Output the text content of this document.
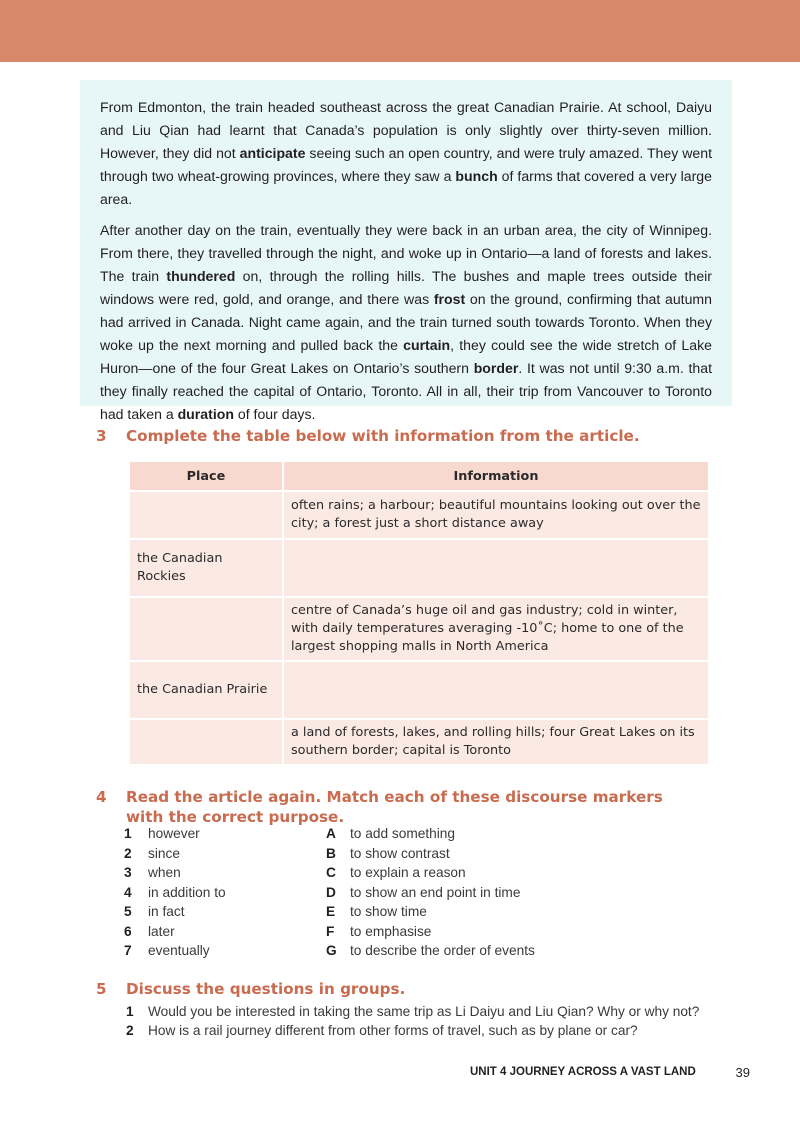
From Edmonton, the train headed southeast across the great Canadian Prairie. At school, Daiyu and Liu Qian had learnt that Canada’s population is only slightly over thirty-seven million. However, they did not anticipate seeing such an open country, and were truly amazed. They went through two wheat-growing provinces, where they saw a bunch of farms that covered a very large area.

After another day on the train, eventually they were back in an urban area, the city of Winnipeg. From there, they travelled through the night, and woke up in Ontario—a land of forests and lakes. The train thundered on, through the rolling hills. The bushes and maple trees outside their windows were red, gold, and orange, and there was frost on the ground, confirming that autumn had arrived in Canada. Night came again, and the train turned south towards Toronto. When they woke up the next morning and pulled back the curtain, they could see the wide stretch of Lake Huron—one of the four Great Lakes on Ontario’s southern border. It was not until 9:30 a.m. that they finally reached the capital of Ontario, Toronto. All in all, their trip from Vancouver to Toronto had taken a duration of four days.

3	Complete the table below with information from the article.
Place	Information
	often rains; a harbour; beautiful mountains looking out over the city; a forest just a short distance away
the Canadian Rockies	
	centre of Canada’s huge oil and gas industry; cold in winter, with daily temperatures averaging -10˚C; home to one of the largest shopping malls in North America
the Canadian Prairie	
	a land of forests, lakes, and rolling hills; four Great Lakes on its southern border; capital is Toronto
4	Read the article again. Match each of these discourse markers with the correct purpose.
1 however
2 since
3 when
4 in addition to
5 in fact
6 later
7 eventually
A to add something
B to show contrast
C to explain a reason
D to show an end point in time
E to show time
F to emphasise
G to describe the order of events
5	Discuss the questions in groups.
1 Would you be interested in taking the same trip as Li Daiyu and Liu Qian? Why or why not?
2 How is a rail journey different from other forms of travel, such as by plane or car?
UNIT 4 JOURNEY ACROSS A VAST LAND	39
